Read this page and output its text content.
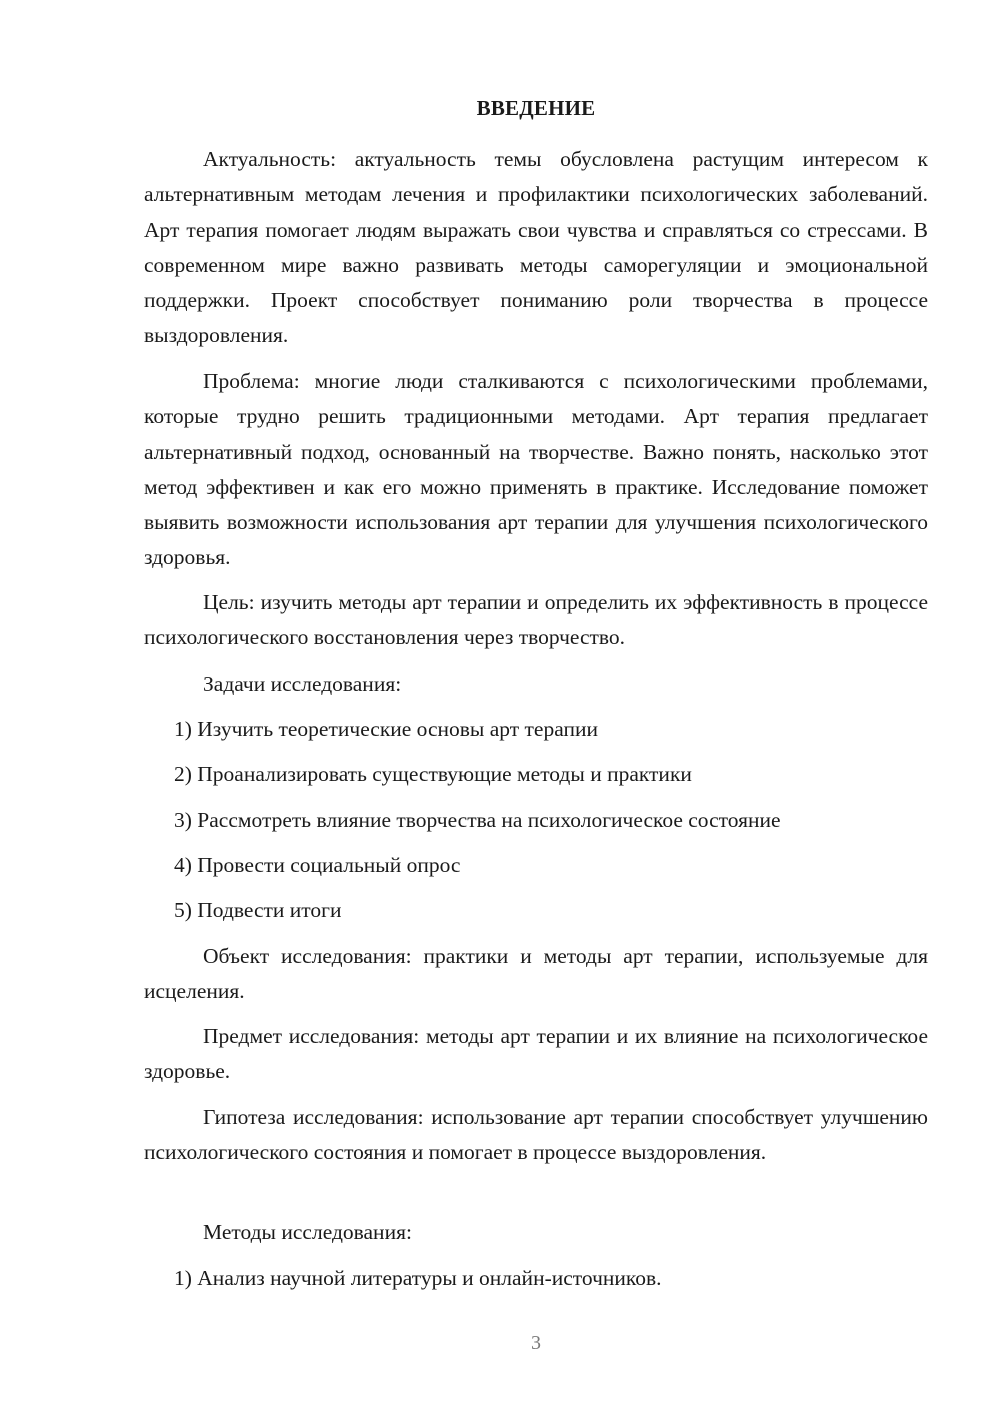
ВВЕДЕНИЕ

Актуальность: актуальность темы обусловлена растущим интересом к альтернативным методам лечения и профилактики психологических заболеваний. Арт терапия помогает людям выражать свои чувства и справляться со стрессами. В современном мире важно развивать методы саморегуляции и эмоциональной поддержки. Проект способствует пониманию роли творчества в процессе выздоровления.

Проблема: многие люди сталкиваются с психологическими проблемами, которые трудно решить традиционными методами. Арт терапия предлагает альтернативный подход, основанный на творчестве. Важно понять, насколько этот метод эффективен и как его можно применять в практике. Исследование поможет выявить возможности использования арт терапии для улучшения психологического здоровья.

Цель: изучить методы арт терапии и определить их эффективность в процессе психологического восстановления через творчество.

Задачи исследования:

1) Изучить теоретические основы арт терапии

2) Проанализировать существующие методы и практики

3) Рассмотреть влияние творчества на психологическое состояние

4) Провести социальный опрос

5) Подвести итоги

Объект исследования: практики и методы арт терапии, используемые для исцеления.

Предмет исследования: методы арт терапии и их влияние на психологическое здоровье.

Гипотеза исследования: использование арт терапии способствует улучшению психологического состояния и помогает в процессе выздоровления.

Методы исследования:

1) Анализ научной литературы и онлайн-источников.

3
